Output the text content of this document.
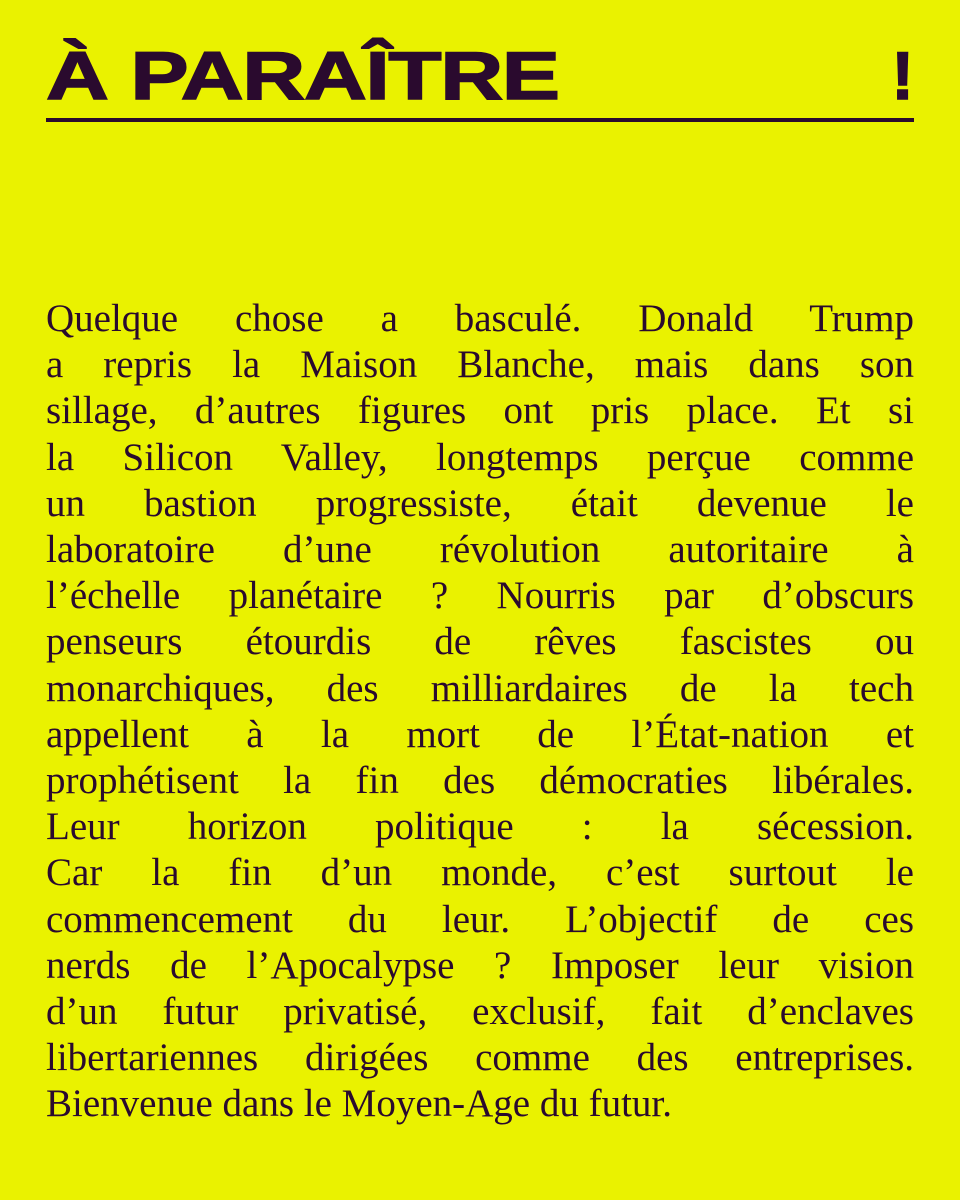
À PARAÎTRE	!

Quelque chose a basculé. Donald Trump
a repris la Maison Blanche, mais dans son
sillage, d’autres figures ont pris place. Et si
la Silicon Valley, longtemps perçue comme
un bastion progressiste, était devenue le
laboratoire d’une révolution autoritaire à
l’échelle planétaire ? Nourris par d’obscurs
penseurs étourdis de rêves fascistes ou
monarchiques, des milliardaires de la tech
appellent à la mort de l’État-nation et
prophétisent la fin des démocraties libérales.
Leur horizon politique : la sécession.
Car la fin d’un monde, c’est surtout le
commencement du leur. L’objectif de ces
nerds de l’Apocalypse ? Imposer leur vision
d’un futur privatisé, exclusif, fait d’enclaves
libertariennes dirigées comme des entreprises.
Bienvenue dans le Moyen-Age du futur.
